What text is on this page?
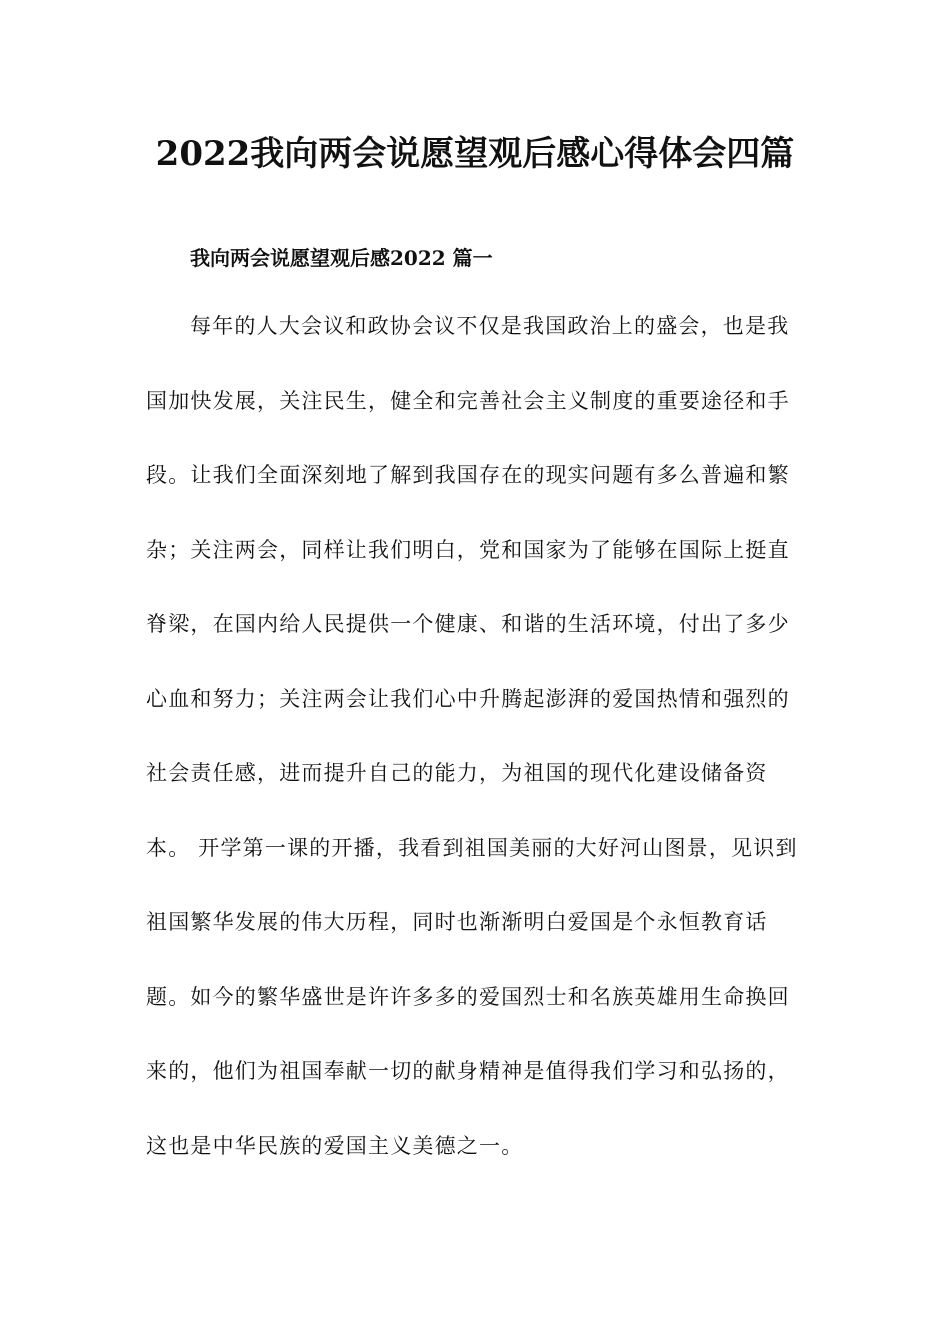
2022我向两会说愿望观后感心得体会四篇
我向两会说愿望观后感2022 篇一
每年的人大会议和政协会议不仅是我国政治上的盛会，也是我
国加快发展，关注民生，健全和完善社会主义制度的重要途径和手
段。让我们全面深刻地了解到我国存在的现实问题有多么普遍和繁
杂；关注两会，同样让我们明白，党和国家为了能够在国际上挺直
脊梁，在国内给人民提供一个健康、和谐的生活环境，付出了多少
心血和努力；关注两会让我们心中升腾起澎湃的爱国热情和强烈的
社会责任感，进而提升自己的能力，为祖国的现代化建设储备资
本。 开学第一课的开播，我看到祖国美丽的大好河山图景，见识到
祖国繁华发展的伟大历程，同时也渐渐明白爱国是个永恒教育话
题。如今的繁华盛世是许许多多的爱国烈士和名族英雄用生命换回
来的，他们为祖国奉献一切的献身精神是值得我们学习和弘扬的，
这也是中华民族的爱国主义美德之一。
